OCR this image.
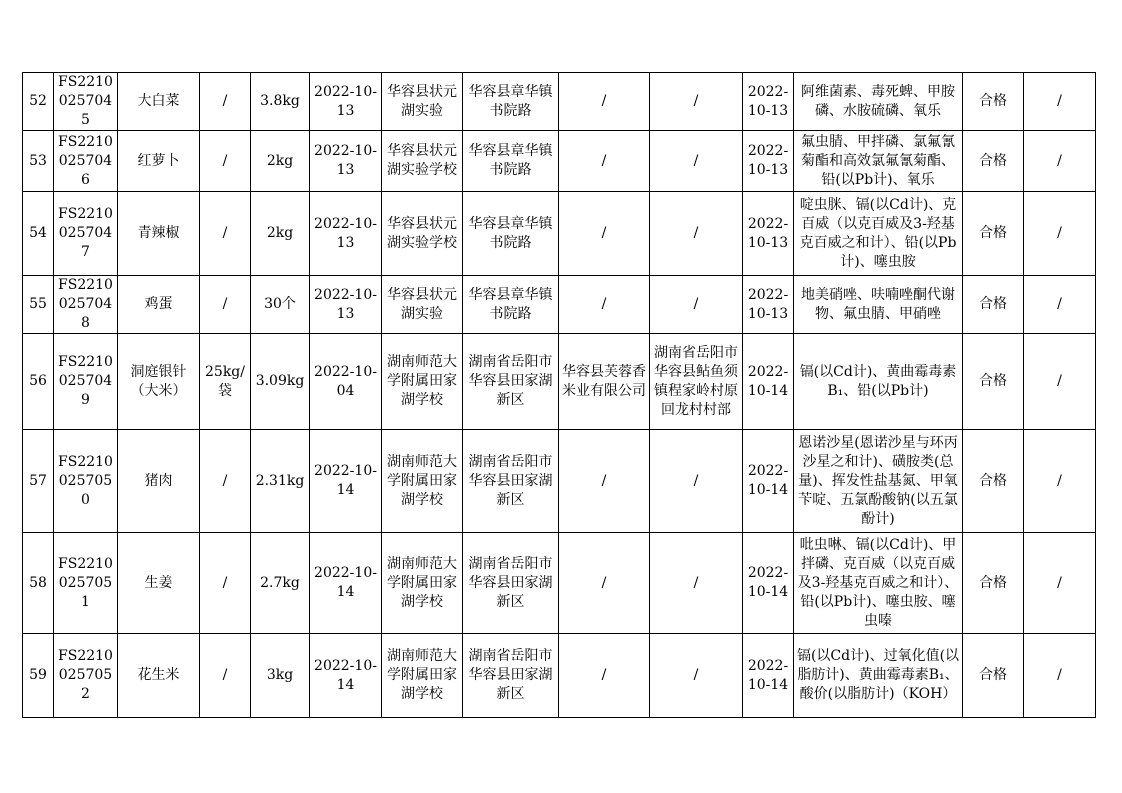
52	FS22100257045	大白菜	/	3.8kg	2022-10-13	华容县状元湖实验	华容县章华镇书院路	/	/	2022-10-13	阿维菌素、毒死蜱、甲胺磷、水胺硫磷、氧乐	合格	/
53	FS22100257046	红萝卜	/	2kg	2022-10-13	华容县状元湖实验学校	华容县章华镇书院路	/	/	2022-10-13	氟虫腈、甲拌磷、氯氟氰菊酯和高效氯氟氰菊酯、铅(以Pb计)、氧乐	合格	/
54	FS22100257047	青辣椒	/	2kg	2022-10-13	华容县状元湖实验学校	华容县章华镇书院路	/	/	2022-10-13	啶虫脒、镉(以Cd计)、克百威（以克百威及3-羟基克百威之和计）、铅(以Pb计)、噻虫胺	合格	/
55	FS22100257048	鸡蛋	/	30个	2022-10-13	华容县状元湖实验	华容县章华镇书院路	/	/	2022-10-13	地美硝唑、呋喃唑酮代谢物、氟虫腈、甲硝唑	合格	/
56	FS22100257049	洞庭银针（大米）	25kg/袋	3.09kg	2022-10-04	湖南师范大学附属田家湖学校	湖南省岳阳市华容县田家湖新区	华容县芙蓉香米业有限公司	湖南省岳阳市华容县鲇鱼须镇程家岭村原回龙村村部	2022-10-14	镉(以Cd计)、黄曲霉毒素B₁、铅(以Pb计)	合格	/
57	FS22100257050	猪肉	/	2.31kg	2022-10-14	湖南师范大学附属田家湖学校	湖南省岳阳市华容县田家湖新区	/	/	2022-10-14	恩诺沙星(恩诺沙星与环丙沙星之和计)、磺胺类(总量)、挥发性盐基氮、甲氧苄啶、五氯酚酸钠(以五氯酚计)	合格	/
58	FS22100257051	生姜	/	2.7kg	2022-10-14	湖南师范大学附属田家湖学校	湖南省岳阳市华容县田家湖新区	/	/	2022-10-14	吡虫啉、镉(以Cd计)、甲拌磷、克百威（以克百威及3-羟基克百威之和计）、铅(以Pb计)、噻虫胺、噻虫嗪	合格	/
59	FS22100257052	花生米	/	3kg	2022-10-14	湖南师范大学附属田家湖学校	湖南省岳阳市华容县田家湖新区	/	/	2022-10-14	镉(以Cd计)、过氧化值(以脂肪计)、黄曲霉毒素B₁、酸价(以脂肪计)（KOH）	合格	/
